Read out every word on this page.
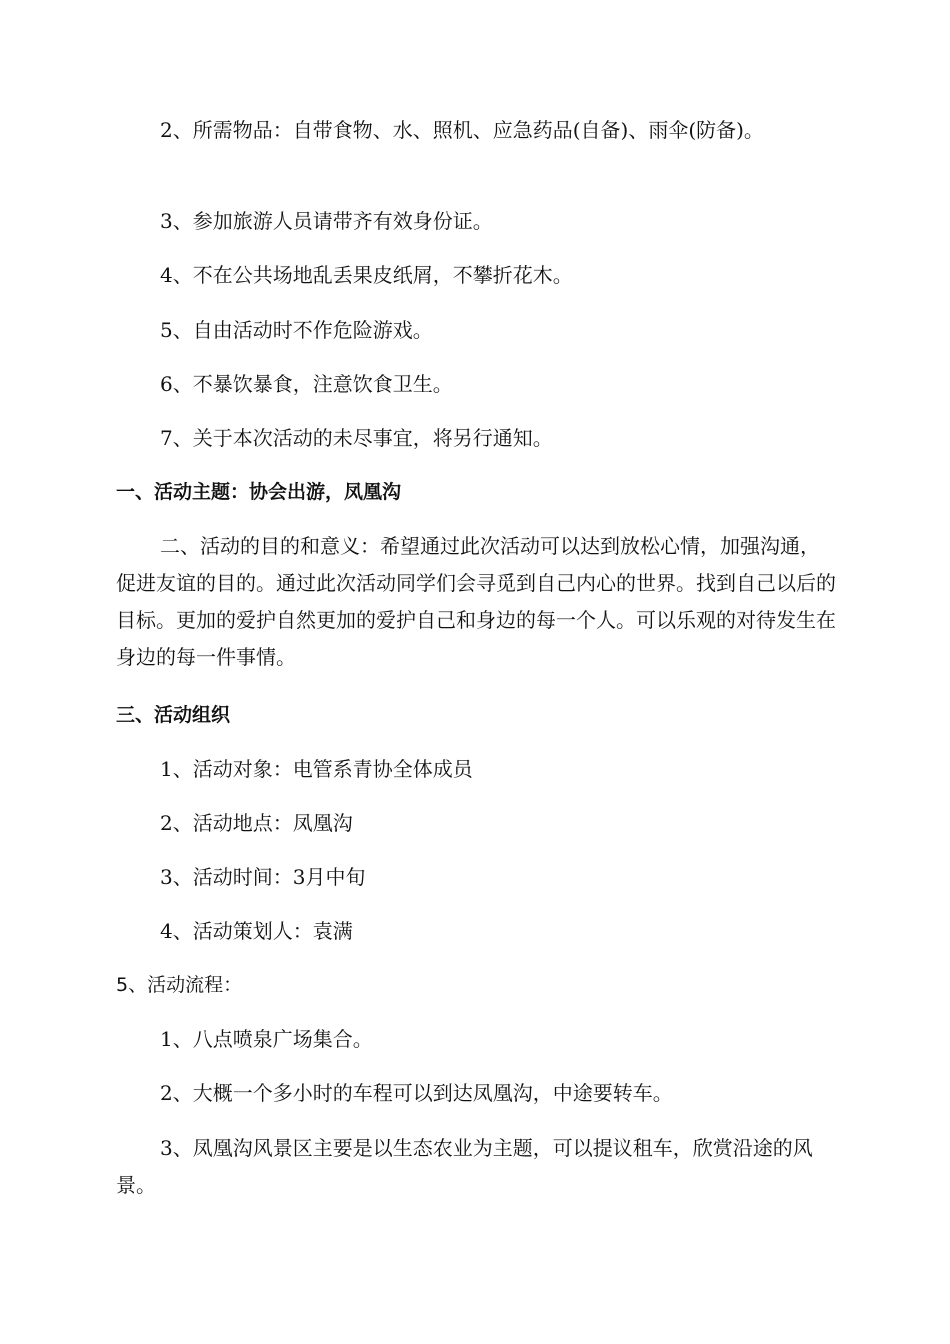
2、所需物品：自带食物、水、照机、应急药品(自备)、雨伞(防备)。

3、参加旅游人员请带齐有效身份证。

4、不在公共场地乱丢果皮纸屑，不攀折花木。

5、自由活动时不作危险游戏。

6、不暴饮暴食，注意饮食卫生。

7、关于本次活动的未尽事宜，将另行通知。

一、活动主题：协会出游，凤凰沟

二、活动的目的和意义：希望通过此次活动可以达到放松心情，加强沟通，促进友谊的目的。通过此次活动同学们会寻觅到自己内心的世界。找到自己以后的目标。更加的爱护自然更加的爱护自己和身边的每一个人。可以乐观的对待发生在身边的每一件事情。

三、活动组织

1、活动对象：电管系青协全体成员

2、活动地点：凤凰沟

3、活动时间：3月中旬

4、活动策划人：袁满

5、活动流程：

1、八点喷泉广场集合。

2、大概一个多小时的车程可以到达凤凰沟，中途要转车。

3、凤凰沟风景区主要是以生态农业为主题，可以提议租车，欣赏沿途的风景。
